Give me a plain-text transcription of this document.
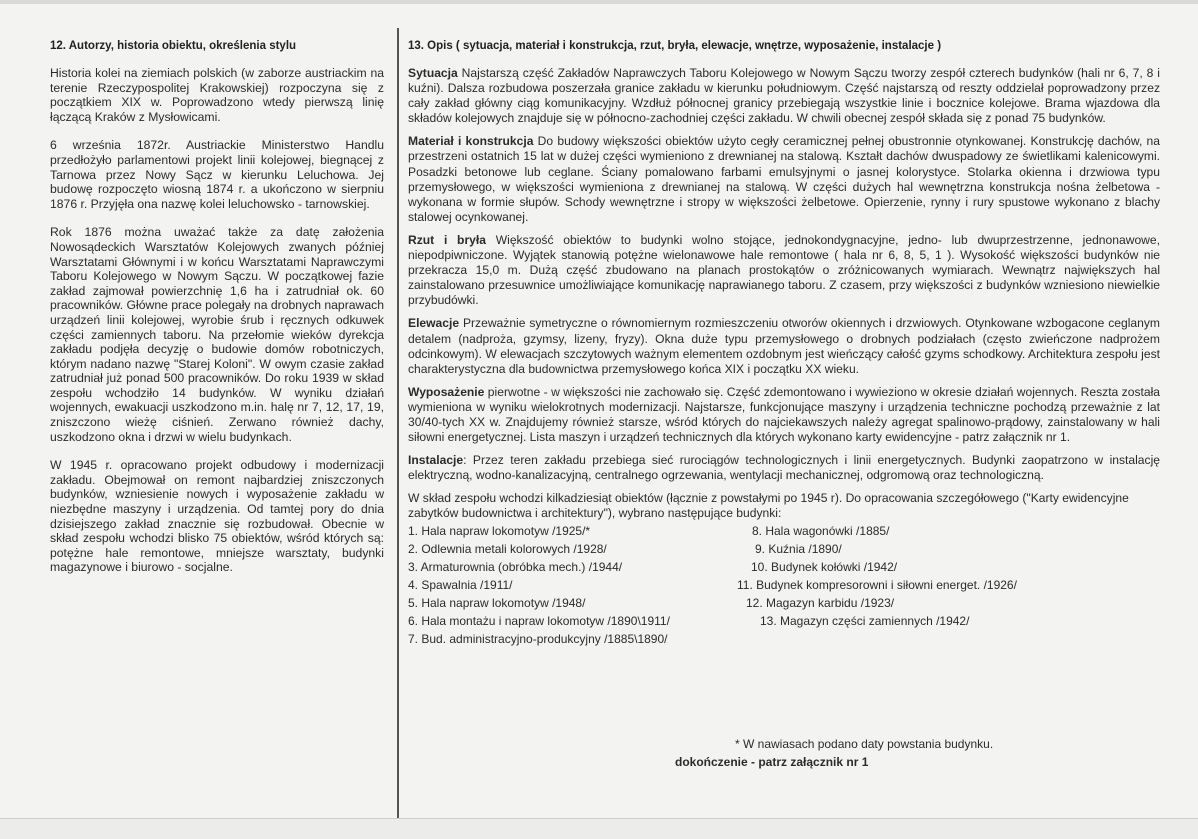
12. Autorzy, historia obiektu, określenia stylu

Historia kolei na ziemiach polskich (w zaborze austriackim na terenie Rzeczypospolitej Krakowskiej) rozpoczyna się z początkiem XIX w. Poprowadzono wtedy pierwszą linię łączącą Kraków z Mysłowicami.

6 września 1872r. Austriackie Ministerstwo Handlu przedłożyło parlamentowi projekt linii kolejowej, biegnącej z Tarnowa przez Nowy Sącz w kierunku Leluchowa. Jej budowę rozpoczęto wiosną 1874 r. a ukończono w sierpniu 1876 r. Przyjęła ona nazwę kolei leluchowsko - tarnowskiej.

Rok 1876 można uważać także za datę założenia Nowosądeckich Warsztatów Kolejowych zwanych później Warsztatami Głównymi i w końcu Warsztatami Naprawczymi Taboru Kolejowego w Nowym Sączu. W początkowej fazie zakład zajmował powierzchnię 1,6 ha i zatrudniał ok. 60 pracowników. Główne prace polegały na drobnych naprawach urządzeń linii kolejowej, wyrobie śrub i ręcznych odkuwek części zamiennych taboru. Na przełomie wieków dyrekcja zakładu podjęła decyzję o budowie domów robotniczych, którym nadano nazwę "Starej Koloni". W owym czasie zakład zatrudniał już ponad 500 pracowników. Do roku 1939 w skład zespołu wchodziło 14 budynków. W wyniku działań wojennych, ewakuacji uszkodzono m.in. halę nr 7, 12, 17, 19, zniszczono wieżę ciśnień. Zerwano również dachy, uszkodzono okna i drzwi w wielu budynkach.

W 1945 r. opracowano projekt odbudowy i modernizacji zakładu. Obejmował on remont najbardziej zniszczonych budynków, wzniesienie nowych i wyposażenie zakładu w niezbędne maszyny i urządzenia. Od tamtej pory do dnia dzisiejszego zakład znacznie się rozbudował. Obecnie w skład zespołu wchodzi blisko 75 obiektów, wśród których są: potężne hale remontowe, mniejsze warsztaty, budynki magazynowe i biurowo - socjalne.

13. Opis ( sytuacja, materiał i konstrukcja, rzut, bryła, elewacje, wnętrze, wyposażenie, instalacje )

Sytuacja Najstarszą część Zakładów Naprawczych Taboru Kolejowego w Nowym Sączu tworzy zespół czterech budynków (hali nr 6, 7, 8 i kuźni). Dalsza rozbudowa poszerzała granice zakładu w kierunku południowym. Część najstarszą od reszty oddzielał poprowadzony przez cały zakład główny ciąg komunikacyjny. Wzdłuż północnej granicy przebiegają wszystkie linie i bocznice kolejowe. Brama wjazdowa dla składów kolejowych znajduje się w północno-zachodniej części zakładu. W chwili obecnej zespół składa się z ponad 75 budynków.

Materiał i konstrukcja Do budowy większości obiektów użyto cegły ceramicznej pełnej obustronnie otynkowanej. Konstrukcję dachów, na przestrzeni ostatnich 15 lat w dużej części wymieniono z drewnianej na stalową. Kształt dachów dwuspadowy ze świetlikami kalenicowymi. Posadzki betonowe lub ceglane. Ściany pomalowano farbami emulsyjnymi o jasnej kolorystyce. Stolarka okienna i drzwiowa typu przemysłowego, w większości wymieniona z drewnianej na stalową. W części dużych hal wewnętrzna konstrukcja nośna żelbetowa - wykonana w formie słupów. Schody wewnętrzne i stropy w większości żelbetowe. Opierzenie, rynny i rury spustowe wykonano z blachy stalowej ocynkowanej.

Rzut i bryła Większość obiektów to budynki wolno stojące, jednokondygnacyjne, jedno- lub dwuprzestrzenne, jednonawowe, niepodpiwniczone. Wyjątek stanowią potężne wielonawowe hale remontowe ( hala nr 6, 8, 5, 1 ). Wysokość większości budynków nie przekracza 15,0 m. Dużą część zbudowano na planach prostokątów o zróżnicowanych wymiarach. Wewnątrz największych hal zainstalowano przesuwnice umożliwiające komunikację naprawianego taboru. Z czasem, przy większości z budynków wzniesiono niewielkie przybudówki.

Elewacje Przeważnie symetryczne o równomiernym rozmieszczeniu otworów okiennych i drzwiowych. Otynkowane wzbogacone ceglanym detalem (nadproża, gzymsy, lizeny, fryzy). Okna duże typu przemysłowego o drobnych podziałach (często zwieńczone nadprożem odcinkowym). W elewacjach szczytowych ważnym elementem ozdobnym jest wieńczący całość gzyms schodkowy. Architektura zespołu jest charakterystyczna dla budownictwa przemysłowego końca XIX i początku XX wieku.

Wyposażenie pierwotne - w większości nie zachowało się. Część zdemontowano i wywieziono w okresie działań wojennych. Reszta została wymieniona w wyniku wielokrotnych modernizacji. Najstarsze, funkcjonujące maszyny i urządzenia techniczne pochodzą przeważnie z lat 30/40-tych XX w. Znajdujemy również starsze, wśród których do najciekawszych należy agregat spalinowo-prądowy, zainstalowany w hali siłowni energetycznej. Lista maszyn i urządzeń technicznych dla których wykonano karty ewidencyjne - patrz załącznik nr 1.

Instalacje: Przez teren zakładu przebiega sieć rurociągów technologicznych i linii energetycznych. Budynki zaopatrzono w instalację elektryczną, wodno-kanalizacyjną, centralnego ogrzewania, wentylacji mechanicznej, odgromową oraz technologiczną.

W skład zespołu wchodzi kilkadziesiąt obiektów (łącznie z powstałymi po 1945 r). Do opracowania szczegółowego ("Karty ewidencyjne zabytków budownictwa i architektury"), wybrano następujące budynki:

1. Hala napraw lokomotyw /1925/*
2. Odlewnia metali kolorowych /1928/
3. Armaturownia (obróbka mech.) /1944/
4. Spawalnia /1911/
5. Hala napraw lokomotyw /1948/
6. Hala montażu i napraw lokomotyw /1890\1911/
7. Bud. administracyjno-produkcyjny /1885\1890/
8. Hala wagonówki /1885/
9. Kuźnia /1890/
10. Budynek kołówki /1942/
11. Budynek kompresorowni i siłowni energet. /1926/
12. Magazyn karbidu /1923/
13. Magazyn części zamiennych /1942/
* W nawiasach podano daty powstania budynku.
dokończenie - patrz załącznik nr 1
